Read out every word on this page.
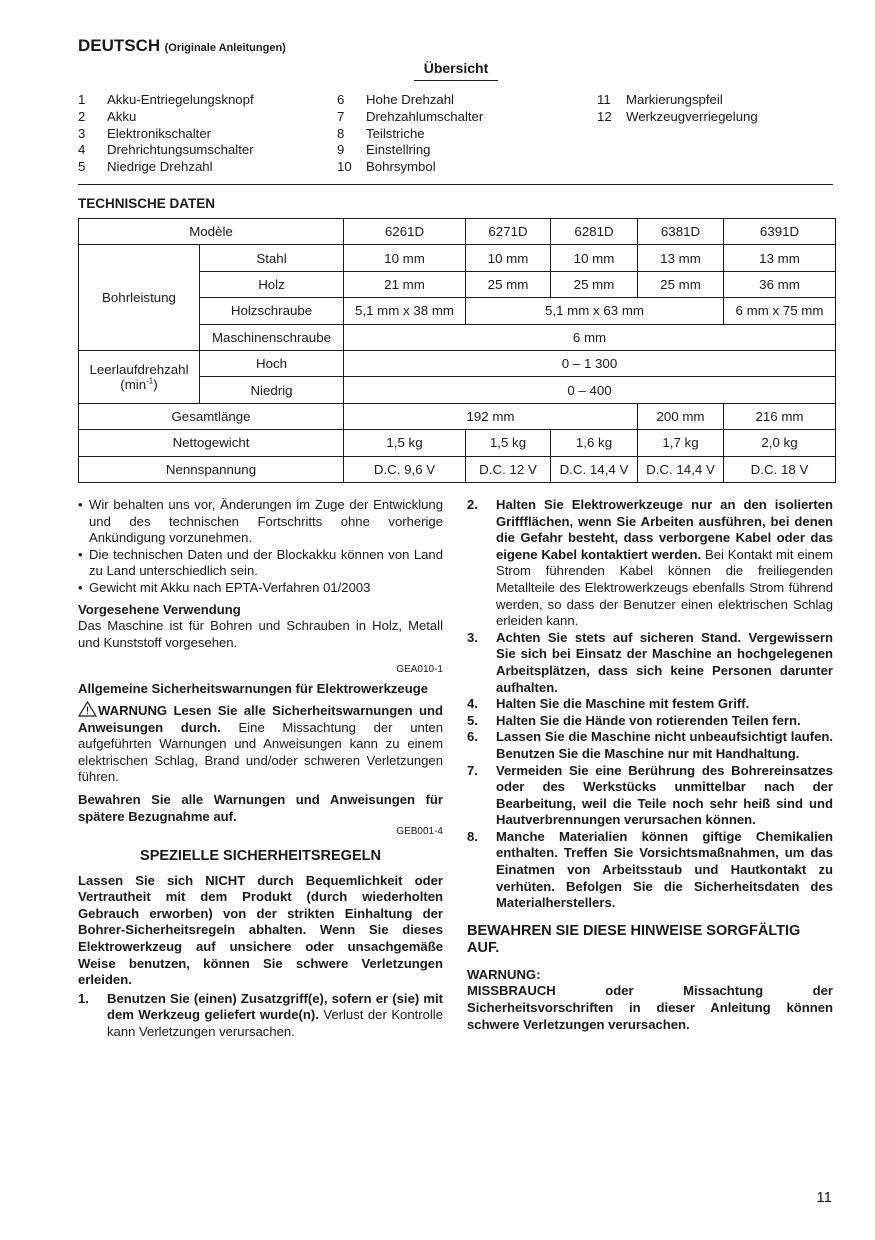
DEUTSCH (Originale Anleitungen)
Übersicht
1	Akku-Entriegelungsknopf
2	Akku
3	Elektronikschalter
4	Drehrichtungsumschalter
5	Niedrige Drehzahl
6	Hohe Drehzahl
7	Drehzahlumschalter
8	Teilstriche
9	Einstellring
10	Bohrsymbol
11	Markierungspfeil
12	Werkzeugverriegelung
TECHNISCHE DATEN
Modèle		6261D	6271D	6281D	6381D	6391D
Bohrleistung	Stahl	10 mm	10 mm	10 mm	13 mm	13 mm
	Holz	21 mm	25 mm	25 mm	25 mm	36 mm
	Holzschraube	5,1 mm x 38 mm	5,1 mm x 63 mm			6 mm x 75 mm
	Maschinenschraube	6 mm				
Leerlaufdrehzahl
$(\min^{-1})$	Hoch	0 – 1 300				
	Niedrig	0 – 400				
Gesamtlänge		192 mm			200 mm	216 mm
Nettogewicht		1,5 kg	1,5 kg	1,6 kg	1,7 kg	2,0 kg
Nennspannung		D.C. 9,6 V	D.C. 12 V	D.C. 14,4 V	D.C. 14,4 V	D.C. 18 V
• Wir behalten uns vor, Änderungen im Zuge der Entwicklung und des technischen Fortschritts ohne vorherige Ankündigung vorzunehmen.
• Die technischen Daten und der Blockakku können von Land zu Land unterschiedlich sein.
• Gewicht mit Akku nach EPTA-Verfahren 01/2003
Vorgesehene Verwendung

Das Maschine ist für Bohren und Schrauben in Holz, Metall und Kunststoff vorgesehen.

GEA010-1
Allgemeine Sicherheitswarnungen für Elektrowerkzeuge

WARNUNG Lesen Sie alle Sicherheitswarnungen und Anweisungen durch. Eine Missachtung der unten aufgeführten Warnungen und Anweisungen kann zu einem elektrischen Schlag, Brand und/oder schweren Verletzungen führen.

Bewahren Sie alle Warnungen und Anweisungen für spätere Bezugnahme auf.

GEB001-4
SPEZIELLE SICHERHEITSREGELN

Lassen Sie sich NICHT durch Bequemlichkeit oder Vertrautheit mit dem Produkt (durch wiederholten Gebrauch erworben) von der strikten Einhaltung der Bohrer-Sicherheitsregeln abhalten. Wenn Sie dieses Elektrowerkzeug auf unsichere oder unsachgemäße Weise benutzen, können Sie schwere Verletzungen erleiden.

1.	Benutzen Sie (einen) Zusatzgriff(e), sofern er (sie) mit dem Werkzeug geliefert wurde(n). Verlust der Kontrolle kann Verletzungen verursachen.
2.	Halten Sie Elektrowerkzeuge nur an den isolierten Griffflächen, wenn Sie Arbeiten ausführen, bei denen die Gefahr besteht, dass verborgene Kabel oder das eigene Kabel kontaktiert werden. Bei Kontakt mit einem Strom führenden Kabel können die freiliegenden Metallteile des Elektrowerkzeugs ebenfalls Strom führend werden, so dass der Benutzer einen elektrischen Schlag erleiden kann.
3.	Achten Sie stets auf sicheren Stand. Vergewissern Sie sich bei Einsatz der Maschine an hochgelegenen Arbeitsplätzen, dass sich keine Personen darunter aufhalten.
4.	Halten Sie die Maschine mit festem Griff.
5.	Halten Sie die Hände von rotierenden Teilen fern.
6.	Lassen Sie die Maschine nicht unbeaufsichtigt laufen. Benutzen Sie die Maschine nur mit Handhaltung.
7.	Vermeiden Sie eine Berührung des Bohrereinsatzes oder des Werkstücks unmittelbar nach der Bearbeitung, weil die Teile noch sehr heiß sind und Hautverbrennungen verursachen können.
8.	Manche Materialien können giftige Chemikalien enthalten. Treffen Sie Vorsichtsmaßnahmen, um das Einatmen von Arbeitsstaub und Hautkontakt zu verhüten. Befolgen Sie die Sicherheitsdaten des Materialherstellers.
BEWAHREN SIE DIESE HINWEISE SORGFÄLTIG AUF.
WARNUNG:

MISSBRAUCH oder Missachtung der Sicherheitsvorschriften in dieser Anleitung können schwere Verletzungen verursachen.

11
